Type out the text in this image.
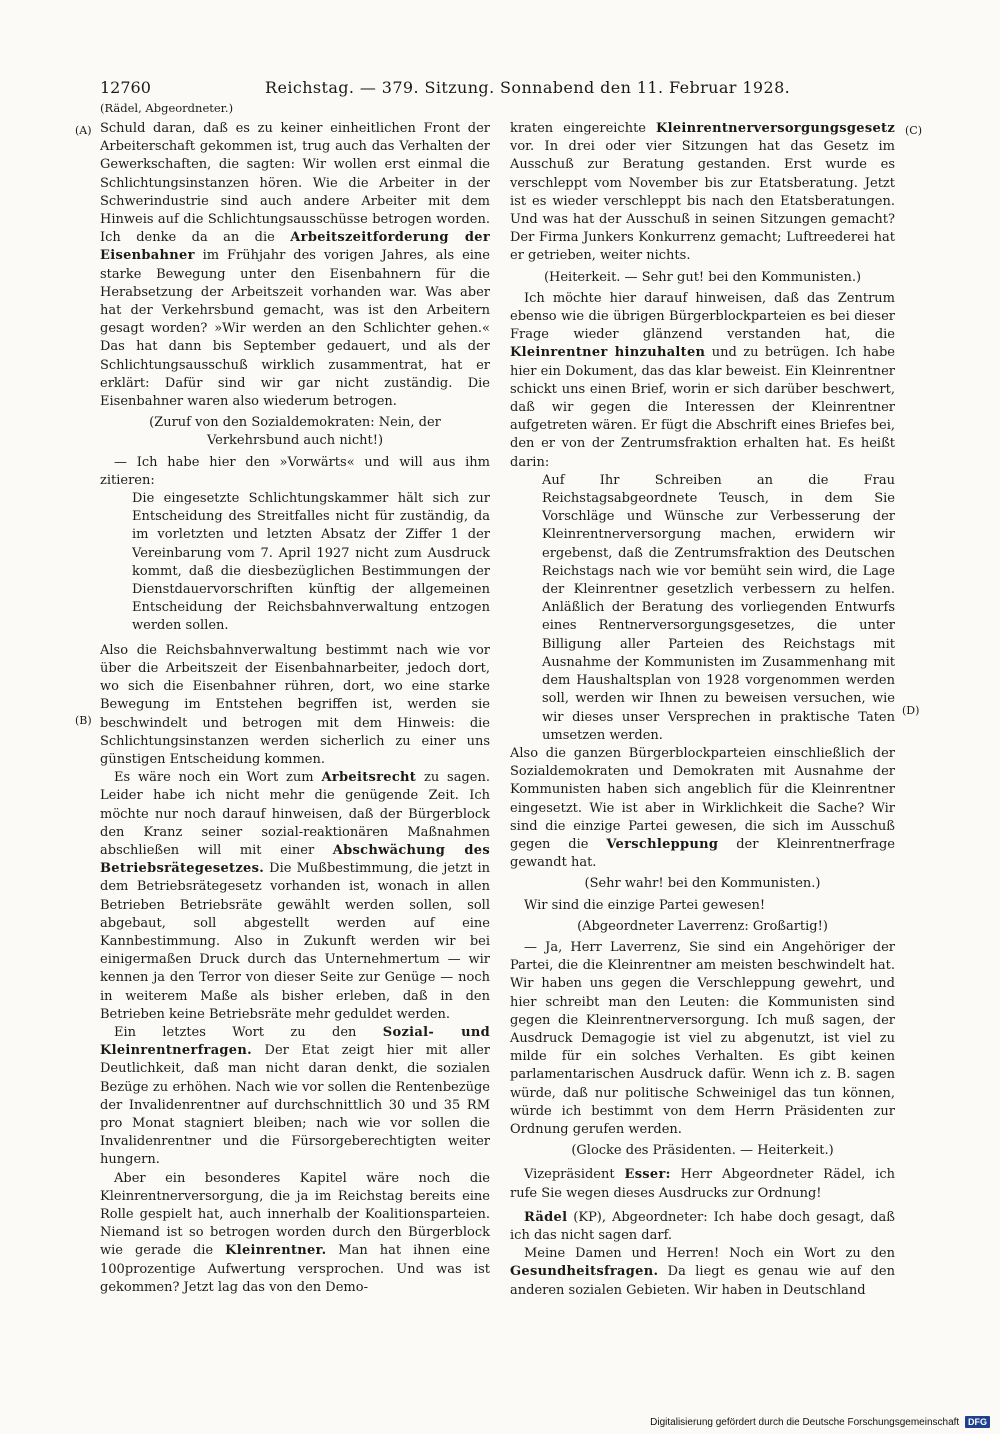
12760	Reichstag. — 379. Sitzung. Sonnabend den 11. Februar 1928.
(Rädel, Abgeordneter.)
(A)
(B)
(C)
(D)

Schuld daran, daß es zu keiner einheitlichen Front der Arbeiterschaft gekommen ist, trug auch das Verhalten der Gewerkschaften, die sagten: Wir wollen erst einmal die Schlichtungsinstanzen hören. Wie die Arbeiter in der Schwerindustrie sind auch andere Arbeiter mit dem Hinweis auf die Schlichtungsausschüsse betrogen worden. Ich denke da an die Arbeitszeitforderung der Eisenbahner im Frühjahr des vorigen Jahres, als eine starke Bewegung unter den Eisenbahnern für die Herabsetzung der Arbeitszeit vorhanden war. Was aber hat der Verkehrsbund gemacht, was ist den Arbeitern gesagt worden? »Wir werden an den Schlichter gehen.« Das hat dann bis September gedauert, und als der Schlichtungsausschuß wirklich zusammentrat, hat er erklärt: Dafür sind wir gar nicht zuständig. Die Eisenbahner waren also wiederum betrogen.

(Zuruf von den Sozialdemokraten: Nein, der Verkehrsbund auch nicht!)

— Ich habe hier den »Vorwärts« und will aus ihm zitieren:

Die eingesetzte Schlichtungskammer hält sich zur Entscheidung des Streitfalles nicht für zuständig, da im vorletzten und letzten Absatz der Ziffer 1 der Vereinbarung vom 7. April 1927 nicht zum Ausdruck kommt, daß die diesbezüglichen Bestimmungen der Dienstdauervorschriften künftig der allgemeinen Entscheidung der Reichsbahnverwaltung entzogen werden sollen.

Also die Reichsbahnverwaltung bestimmt nach wie vor über die Arbeitszeit der Eisenbahnarbeiter, jedoch dort, wo sich die Eisenbahner rühren, dort, wo eine starke Bewegung im Entstehen begriffen ist, werden sie beschwindelt und betrogen mit dem Hinweis: die Schlichtungsinstanzen werden sicherlich zu einer uns günstigen Entscheidung kommen.

Es wäre noch ein Wort zum Arbeitsrecht zu sagen. Leider habe ich nicht mehr die genügende Zeit. Ich möchte nur noch darauf hinweisen, daß der Bürgerblock den Kranz seiner sozial-reaktionären Maßnahmen abschließen will mit einer Abschwächung des Betriebsrätegesetzes. Die Mußbestimmung, die jetzt in dem Betriebsrätegesetz vorhanden ist, wonach in allen Betrieben Betriebsräte gewählt werden sollen, soll abgebaut, soll abgestellt werden auf eine Kannbestimmung. Also in Zukunft werden wir bei einigermaßen Druck durch das Unternehmertum — wir kennen ja den Terror von dieser Seite zur Genüge — noch in weiterem Maße als bisher erleben, daß in den Betrieben keine Betriebsräte mehr geduldet werden.

Ein letztes Wort zu den Sozial- und Kleinrentnerfragen. Der Etat zeigt hier mit aller Deutlichkeit, daß man nicht daran denkt, die sozialen Bezüge zu erhöhen. Nach wie vor sollen die Rentenbezüge der Invalidenrentner auf durchschnittlich 30 und 35 RM pro Monat stagniert bleiben; nach wie vor sollen die Invalidenrentner und die Fürsorgeberechtigten weiter hungern.

Aber ein besonderes Kapitel wäre noch die Kleinrentnerversorgung, die ja im Reichstag bereits eine Rolle gespielt hat, auch innerhalb der Koalitionsparteien. Niemand ist so betrogen worden durch den Bürgerblock wie gerade die Kleinrentner. Man hat ihnen eine 100prozentige Aufwertung versprochen. Und was ist gekommen? Jetzt lag das von den Demo-

kraten eingereichte Kleinrentnerversorgungsgesetz vor. In drei oder vier Sitzungen hat das Gesetz im Ausschuß zur Beratung gestanden. Erst wurde es verschleppt vom November bis zur Etatsberatung. Jetzt ist es wieder verschleppt bis nach den Etatsberatungen. Und was hat der Ausschuß in seinen Sitzungen gemacht? Der Firma Junkers Konkurrenz gemacht; Luftreederei hat er getrieben, weiter nichts.

(Heiterkeit. — Sehr gut! bei den Kommunisten.)

Ich möchte hier darauf hinweisen, daß das Zentrum ebenso wie die übrigen Bürgerblockparteien es bei dieser Frage wieder glänzend verstanden hat, die Kleinrentner hinzuhalten und zu betrügen. Ich habe hier ein Dokument, das das klar beweist. Ein Kleinrentner schickt uns einen Brief, worin er sich darüber beschwert, daß wir gegen die Interessen der Kleinrentner aufgetreten wären. Er fügt die Abschrift eines Briefes bei, den er von der Zentrumsfraktion erhalten hat. Es heißt darin:

Auf Ihr Schreiben an die Frau Reichstagsabgeordnete Teusch, in dem Sie Vorschläge und Wünsche zur Verbesserung der Kleinrentnerversorgung machen, erwidern wir ergebenst, daß die Zentrumsfraktion des Deutschen Reichstags nach wie vor bemüht sein wird, die Lage der Kleinrentner gesetzlich verbessern zu helfen. Anläßlich der Beratung des vorliegenden Entwurfs eines Rentnerversorgungsgesetzes, die unter Billigung aller Parteien des Reichstags mit Ausnahme der Kommunisten im Zusammenhang mit dem Haushaltsplan von 1928 vorgenommen werden soll, werden wir Ihnen zu beweisen versuchen, wie wir dieses unser Versprechen in praktische Taten umsetzen werden.

Also die ganzen Bürgerblockparteien einschließlich der Sozialdemokraten und Demokraten mit Ausnahme der Kommunisten haben sich angeblich für die Kleinrentner eingesetzt. Wie ist aber in Wirklichkeit die Sache? Wir sind die einzige Partei gewesen, die sich im Ausschuß gegen die Verschleppung der Kleinrentnerfrage gewandt hat.

(Sehr wahr! bei den Kommunisten.)

Wir sind die einzige Partei gewesen!

(Abgeordneter Laverrenz: Großartig!)

— Ja, Herr Laverrenz, Sie sind ein Angehöriger der Partei, die die Kleinrentner am meisten beschwindelt hat. Wir haben uns gegen die Verschleppung gewehrt, und hier schreibt man den Leuten: die Kommunisten sind gegen die Kleinrentnerversorgung. Ich muß sagen, der Ausdruck Demagogie ist viel zu abgenutzt, ist viel zu milde für ein solches Verhalten. Es gibt keinen parlamentarischen Ausdruck dafür. Wenn ich z. B. sagen würde, daß nur politische Schweinigel das tun können, würde ich bestimmt von dem Herrn Präsidenten zur Ordnung gerufen werden.

(Glocke des Präsidenten. — Heiterkeit.)

Vizepräsident Esser: Herr Abgeordneter Rädel, ich rufe Sie wegen dieses Ausdrucks zur Ordnung!

Rädel (KP), Abgeordneter: Ich habe doch gesagt, daß ich das nicht sagen darf.

Meine Damen und Herren! Noch ein Wort zu den Gesundheitsfragen. Da liegt es genau wie auf den anderen sozialen Gebieten. Wir haben in Deutschland

Digitalisierung gefördert durch die Deutsche Forschungsgemeinschaft DFG
